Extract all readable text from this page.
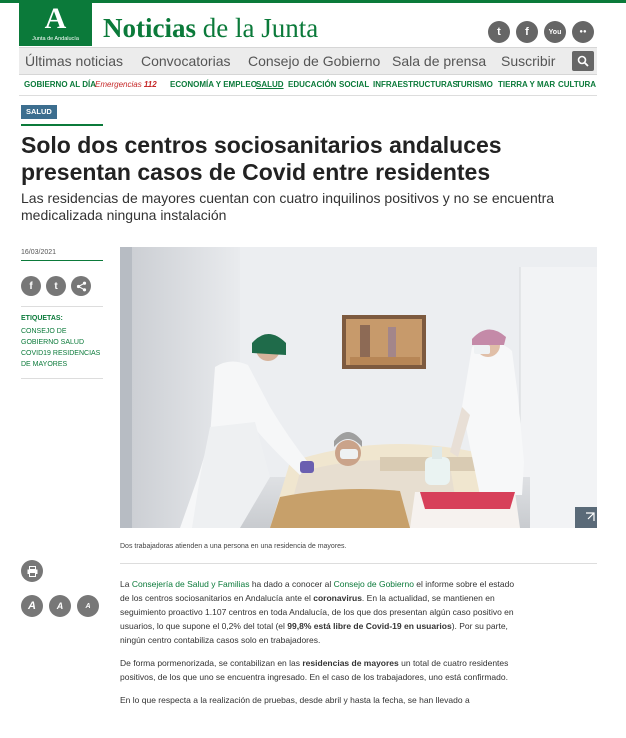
A
Junta de Andalucía Noticias de la Junta	t	f	You	●●
Últimas noticias Convocatorias Consejo de Gobierno Sala de prensa Suscribir
GOBIERNO AL DÍA
Emergencias 112 ECONOMÍA Y EMPLEO SALUD EDUCACIÓN SOCIAL INFRAESTRUCTURAS
TURISMO TIERRA Y MAR CULTURA
SALUD
Solo dos centros sociosanitarios andaluces presentan casos de Covid entre residentes
Las residencias de mayores cuentan con cuatro inquilinos positivos y no se encuentra medicalizada ninguna instalación
16/03/2021
f	t
ETIQUETAS:
CONSEJO DE GOBIERNO SALUD COVID19 RESIDENCIAS DE MAYORES
Dos trabajadoras atienden a una persona en una residencia de mayores.
A	A	A

La Consejería de Salud y Familias ha dado a conocer al Consejo de Gobierno el informe sobre el estado de los centros sociosanitarios en Andalucía ante el coronavirus. En la actualidad, se mantienen en seguimiento proactivo 1.107 centros en toda Andalucía, de los que dos presentan algún caso positivo en usuarios, lo que supone el 0,2% del total (el 99,8% está libre de Covid-19 en usuarios). Por su parte, ningún centro contabiliza casos solo en trabajadores.

De forma pormenorizada, se contabilizan en las residencias de mayores un total de cuatro residentes positivos, de los que uno se encuentra ingresado. En el caso de los trabajadores, uno está confirmado.

En lo que respecta a la realización de pruebas, desde abril y hasta la fecha, se han llevado a
